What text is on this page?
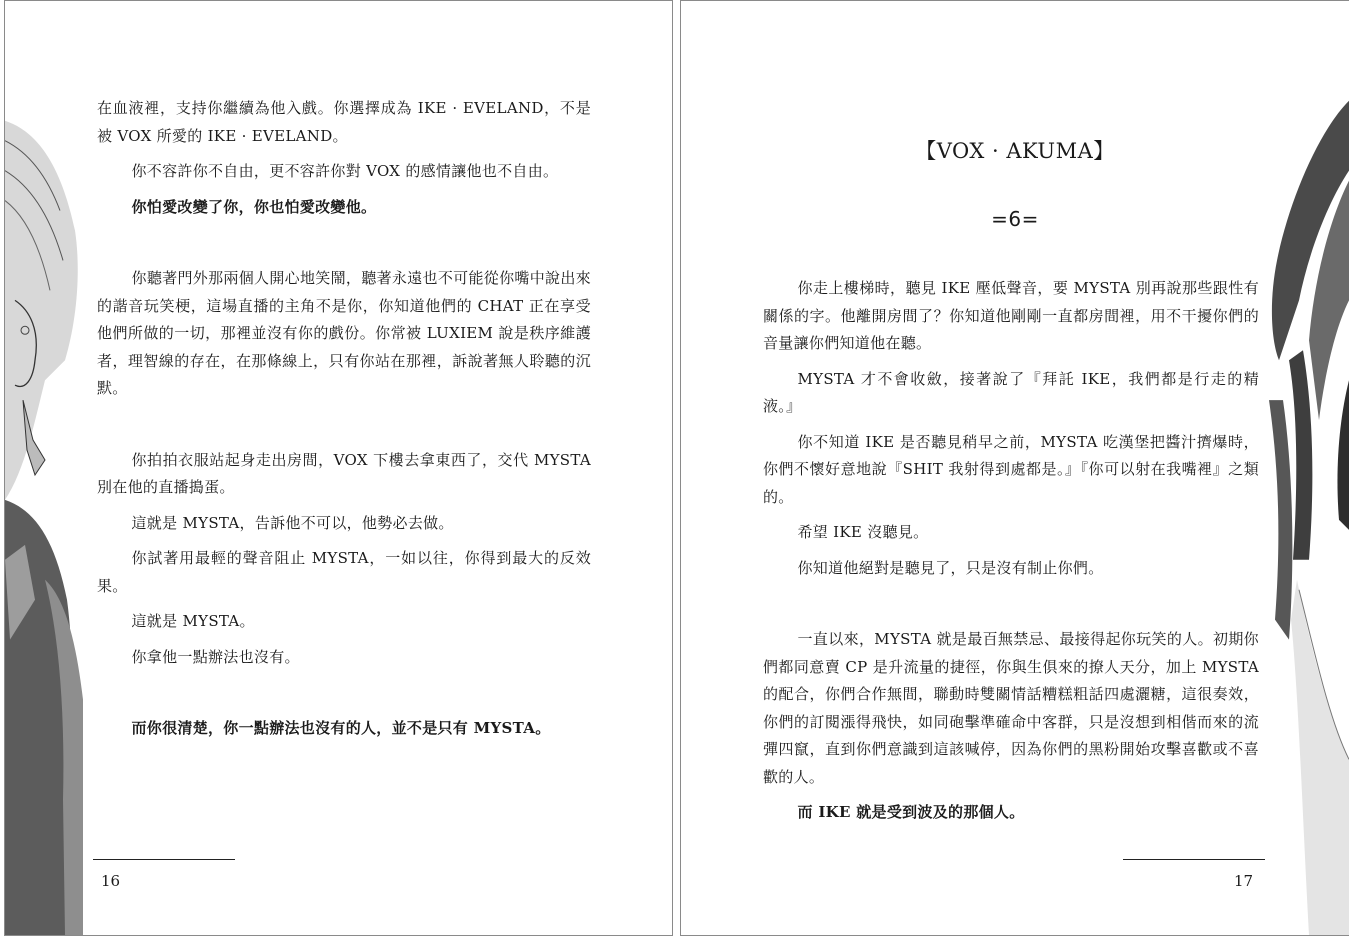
在血液裡，支持你繼續為他入戲。你選擇成為 IKE · EVELAND，不是被 VOX 所愛的 IKE · EVELAND。

你不容許你不自由，更不容許你對 VOX 的感情讓他也不自由。

你怕愛改變了你，你也怕愛改變他。

你聽著門外那兩個人開心地笑鬧，聽著永遠也不可能從你嘴中說出來的諧音玩笑梗，這場直播的主角不是你，你知道他們的 CHAT 正在享受他們所做的一切，那裡並沒有你的戲份。你常被 LUXIEM 說是秩序維護者，理智線的存在，在那條線上，只有你站在那裡，訴說著無人聆聽的沉默。

你拍拍衣服站起身走出房間，VOX 下樓去拿東西了，交代 MYSTA 別在他的直播搗蛋。

這就是 MYSTA，告訴他不可以，他勢必去做。

你試著用最輕的聲音阻止 MYSTA，一如以往，你得到最大的反效果。

這就是 MYSTA。

你拿他一點辦法也沒有。

而你很清楚，你一點辦法也沒有的人，並不是只有 MYSTA。

16
【VOX · AKUMA】
=6=

你走上樓梯時，聽見 IKE 壓低聲音，要 MYSTA 別再說那些跟性有關係的字。他離開房間了？你知道他剛剛一直都房間裡，用不干擾你們的音量讓你們知道他在聽。

MYSTA 才不會收斂，接著說了『拜託 IKE，我們都是行走的精液。』

你不知道 IKE 是否聽見稍早之前，MYSTA 吃漢堡把醬汁擠爆時，你們不懷好意地說『SHIT 我射得到處都是。』『你可以射在我嘴裡』之類的。

希望 IKE 沒聽見。

你知道他絕對是聽見了，只是沒有制止你們。

一直以來，MYSTA 就是最百無禁忌、最接得起你玩笑的人。初期你們都同意賣 CP 是升流量的捷徑，你與生俱來的撩人天分，加上 MYSTA 的配合，你們合作無間，聯動時雙關情話糟糕粗話四處灑糖，這很奏效，你們的訂閱漲得飛快，如同砲擊準確命中客群，只是沒想到相偕而來的流彈四竄，直到你們意識到這該喊停，因為你們的黑粉開始攻擊喜歡或不喜歡的人。

而 IKE 就是受到波及的那個人。

17
